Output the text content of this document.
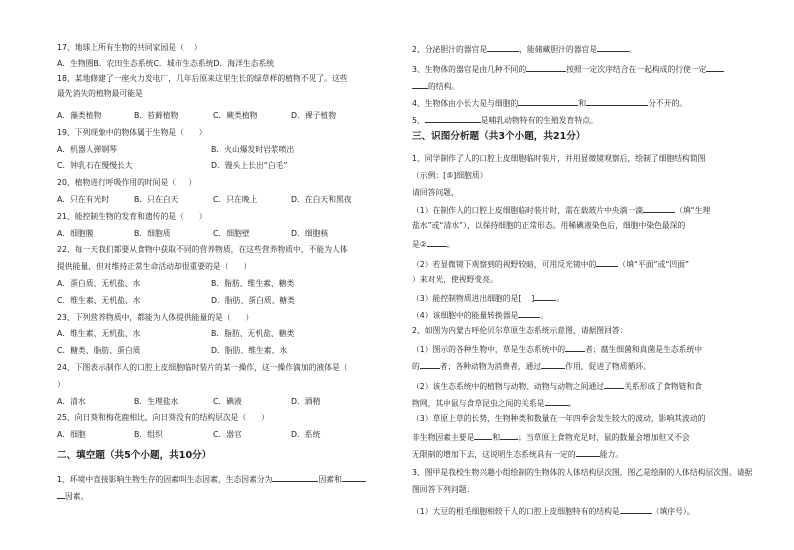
17、地球上所有生物的共同家园是（    ）
A．生物圈B．农田生态系统C．城市生态系统D．海洋生态系统
18、某地修建了一座火力发电厂，几年后原来这里生长的绿草样的植物不见了。这些
最先消失的植物最可能是
A．藻类植物	B．苔藓植物	C．蕨类植物	D．裸子植物
19、下列现象中的物体属于生物是（      ）
A．机器人弹钢琴	B．火山爆发时岩浆喷出
C．钟乳石在慢慢长大	D．馒头上长出“白毛”
20、植物进行呼吸作用的时间是（     ）
A．只在有光时	B．只在白天	C．只在晚上	D．在白天和黑夜
21、能控制生物的发育和遗传的是（      ）
A．细胞膜	B．细胞质	C．细胞壁	D．细胞核
22、每一天我们都要从食物中获取不同的营养物质，在这些营养物质中，不能为人体
提供能量，但对维持正常生命活动却很重要的是（      ）
A．蛋白质、无机盐、水	B．脂肪、维生素、糖类
C．维生素、无机盐、水	D．脂肪、蛋白质、糖类
23、下列营养物质中，都能为人体提供能量的是（      ）
A．维生素、无机盐、水	B．脂肪、无机盐、糖类
C．糖类、脂肪、蛋白质	D．脂肪、维生素、水
24、下图表示制作人的口腔上皮细胞临时装片的某一操作，这一操作滴加的液体是（
）
A．清水	B．生理盐水	C．碘液	D．酒精
25、向日葵和梅花鹿相比，向日葵没有的结构层次是（      ）
A．细胞	B．组织	C．器官	D．系统
二、填空题（共5个小题，共10分）
1、环境中直接影响生物生存的因素叫生态因素，生态因素分为	因素和
因素。
2、分泌胆汁的器官是	，能储藏胆汁的器官是	。
3、生物体的器官是由几种不同的	按照一定次序结合在一起构成的行使一定
的结构。
4、生物体由小长大是与细胞的	和	分不开的。
5、	是哺乳动物特有的生殖发育特点。
三、识图分析题（共3个小题，共21分）
1、同学制作了人的口腔上皮细胞临时装片，并用显微镜观察后，绘制了细胞结构简图
（示例：[⑤]细胞质）
请回答问题，
（1）在制作人的口腔上皮细胞临时装片时，需在载玻片中央滴一滴	（填“生理
盐水”或“清水”），以保持细胞的正常形态。用稀碘液染色后，细胞中染色最深的
是②	。
（2）若显微镜下观察到的视野较暗，可用反光镜中的	（填“平面”或“凹面”
）来对光，使视野变亮。
（3）能控制物质进出细胞的是[    ]	。
（4）该细胞中的能量转换器是	。
2、如图为内蒙古呼伦贝尔草原生态系统示意图，请据图回答：
（1）图示的各种生物中，草是生态系统中的	者；腐生细菌和真菌是生态系统中
的	者；各种动物为消费者，通过	作用，促进了物质循环。
（2）该生态系统中的植物与动物、动物与动物之间通过	关系形成了食物链和食
物网，其中鼠与食草昆虫之间的关系是	。
（3）草原上草的长势，生物种类和数量在一年四季会发生较大的波动，影响其波动的
非生物因素主要是 和 ；当草原上食物充足时，鼠的数量会增加但又不会
无限制的增加下去，这说明生态系统具有一定的	能力。
3、图甲是我校生物兴趣小组绘制的生物体的人体结构层次图，图乙是绘制的人体结构层次图。请据
图回答下列问题：
（1）大豆的根毛细胞相较于人的口腔上皮细胞特有的结构是	（填序号）。
